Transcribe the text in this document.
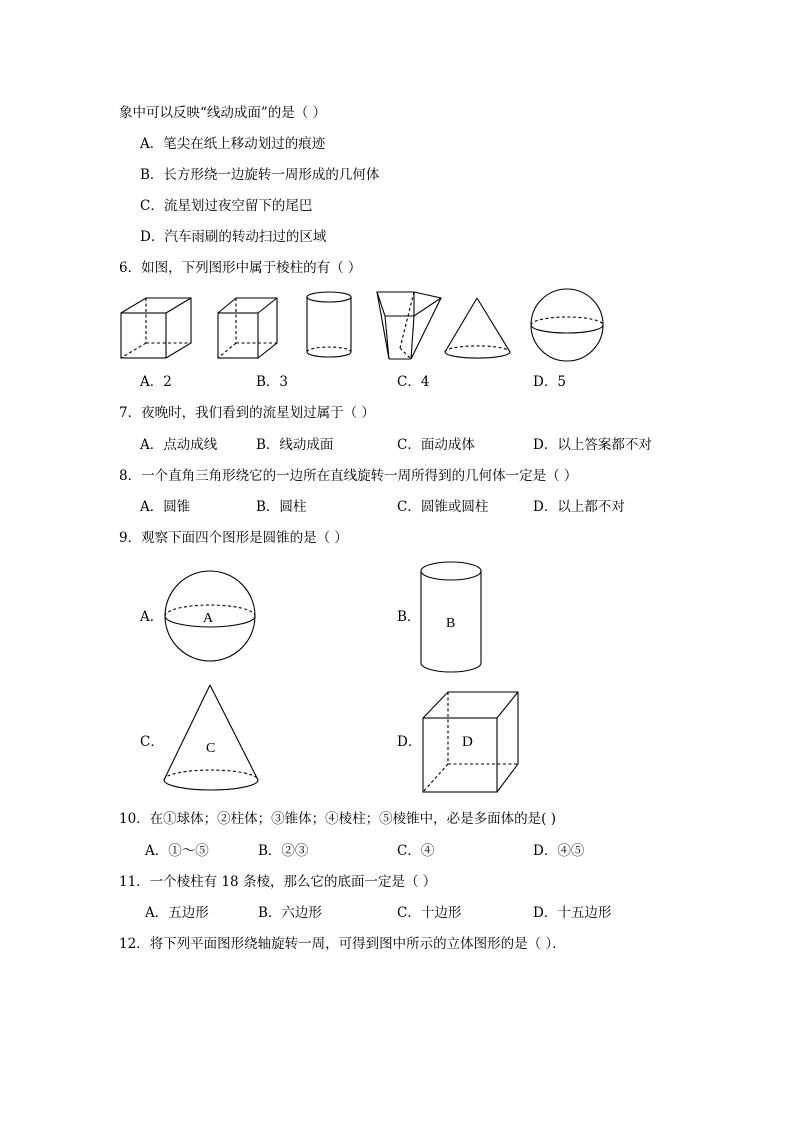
象中可以反映“线动成面”的是（ ）
A．笔尖在纸上移动划过的痕迹
B．长方形绕一边旋转一周形成的几何体
C．流星划过夜空留下的尾巴
D．汽车雨刷的转动扫过的区域
6．如图，下列图形中属于棱柱的有（ ）
A．2	B．3	C．4	D．5
7．夜晚时，我们看到的流星划过属于（ ）
A．点动成线	B．线动成面	C．面动成体	D．以上答案都不对
8．一个直角三角形绕它的一边所在直线旋转一周所得到的几何体一定是（ ）
A．圆锥	B．圆柱	C．圆锥或圆柱	D．以上都不对
9．观察下面四个图形是圆锥的是（ ）
A．	A	B． B
C．	C	D．	D
10．在①球体；②柱体；③锥体；④棱柱；⑤棱锥中，必是多面体的是( )
A．①～⑤	B．②③	C．④	D．④⑤
11．一个棱柱有 18 条棱，那么它的底面一定是（ ）
A．五边形	B．六边形	C．十边形	D．十五边形
12．将下列平面图形绕轴旋转一周，可得到图中所示的立体图形的是（ ）．
